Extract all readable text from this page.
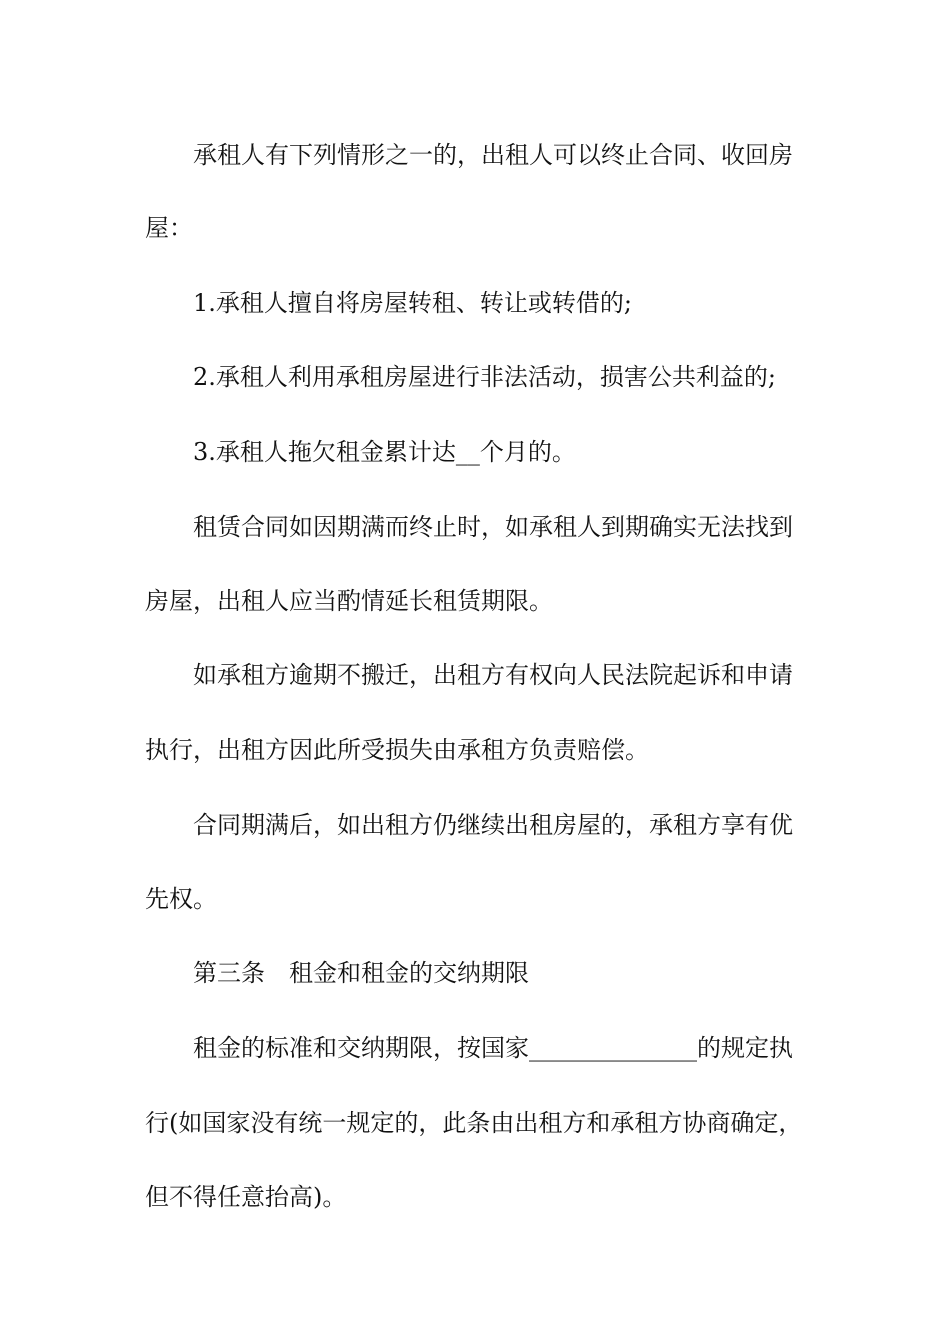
承租人有下列情形之一的，出租人可以终止合同、收回房
屋：
1.承租人擅自将房屋转租、转让或转借的;
2.承租人利用承租房屋进行非法活动，损害公共利益的;
3.承租人拖欠租金累计达__个月的。
租赁合同如因期满而终止时，如承租人到期确实无法找到
房屋，出租人应当酌情延长租赁期限。
如承租方逾期不搬迁，出租方有权向人民法院起诉和申请
执行，出租方因此所受损失由承租方负责赔偿。
合同期满后，如出租方仍继续出租房屋的，承租方享有优
先权。
第三条　租金和租金的交纳期限
租金的标准和交纳期限，按国家______________的规定执
行(如国家没有统一规定的，此条由出租方和承租方协商确定，
但不得任意抬高)。
